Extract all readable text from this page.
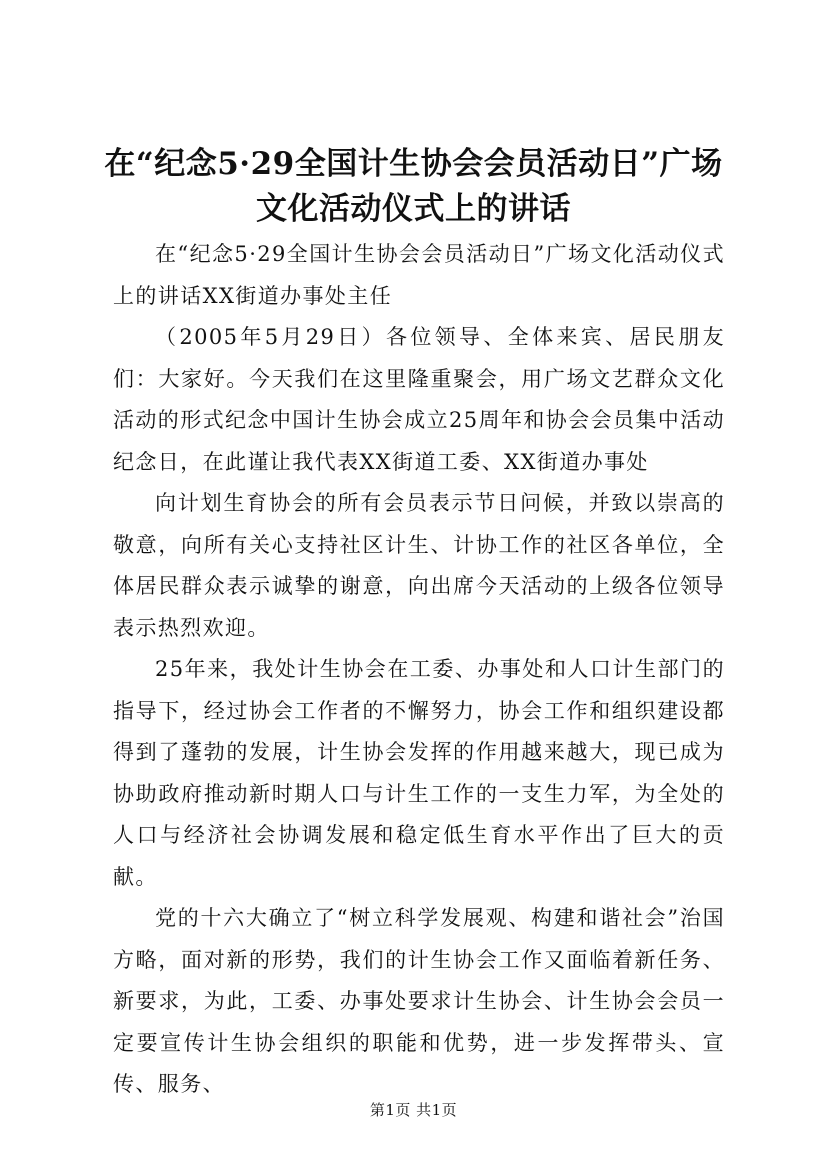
在“纪念5·29全国计生协会会员活动日”广场文化活动仪式上的讲话

在“纪念5·29全国计生协会会员活动日”广场文化活动仪式上的讲话XX街道办事处主任

（2005年5月29日）各位领导、全体来宾、居民朋友们：大家好。今天我们在这里隆重聚会，用广场文艺群众文化活动的形式纪念中国计生协会成立25周年和协会会员集中活动纪念日，在此谨让我代表XX街道工委、XX街道办事处

向计划生育协会的所有会员表示节日问候，并致以崇高的敬意，向所有关心支持社区计生、计协工作的社区各单位，全体居民群众表示诚挚的谢意，向出席今天活动的上级各位领导表示热烈欢迎。

25年来，我处计生协会在工委、办事处和人口计生部门的指导下，经过协会工作者的不懈努力，协会工作和组织建设都得到了蓬勃的发展，计生协会发挥的作用越来越大，现已成为协助政府推动新时期人口与计生工作的一支生力军，为全处的人口与经济社会协调发展和稳定低生育水平作出了巨大的贡献。

党的十六大确立了“树立科学发展观、构建和谐社会”治国方略，面对新的形势，我们的计生协会工作又面临着新任务、新要求，为此，工委、办事处要求计生协会、计生协会会员一定要宣传计生协会组织的职能和优势，进一步发挥带头、宣传、服务、

第1页 共1页
